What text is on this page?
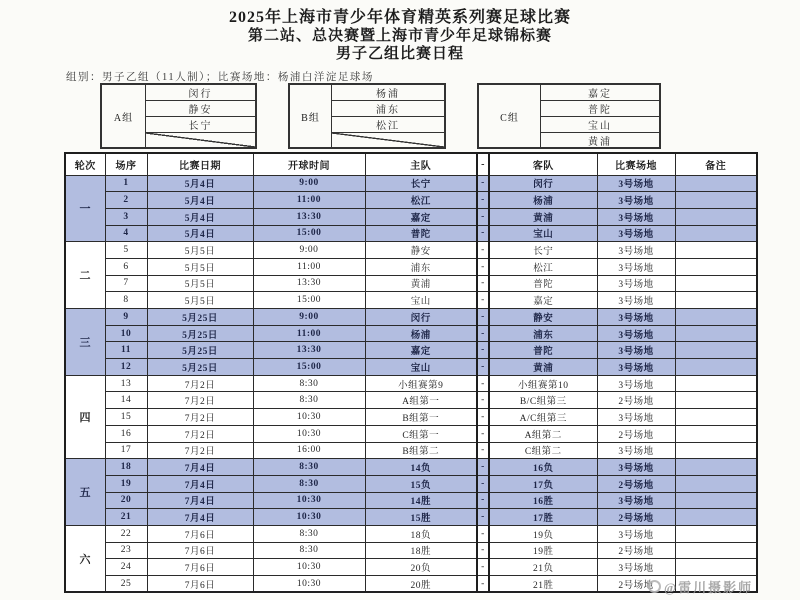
2025年上海市青少年体育精英系列赛足球比赛
第二站、总决赛暨上海市青少年足球锦标赛
男子乙组比赛日程
组别：男子乙组（11人制）；比赛场地：杨浦白洋淀足球场
A组
闵行
静安
长宁
B组
杨浦
浦东
松江
C组
嘉定
普陀
宝山
黄浦
轮次	场序	比赛日期	开球时间	主队	-	客队	比赛场地	备注
一	1	5月4日	9:00	长宁	-	闵行	3号场地	
	2	5月4日	11:00	松江	-	杨浦	3号场地	
	3	5月4日	13:30	嘉定	-	黄浦	3号场地	
	4	5月4日	15:00	普陀	-	宝山	3号场地	
二	5	5月5日	9:00	静安	-	长宁	3号场地	
	6	5月5日	11:00	浦东	-	松江	3号场地	
	7	5月5日	13:30	黄浦	-	普陀	3号场地	
	8	5月5日	15:00	宝山	-	嘉定	3号场地	
三	9	5月25日	9:00	闵行	-	静安	3号场地	
	10	5月25日	11:00	杨浦	-	浦东	3号场地	
	11	5月25日	13:30	嘉定	-	普陀	3号场地	
	12	5月25日	15:00	宝山	-	黄浦	3号场地	
四	13	7月2日	8:30	小组赛第9	-	小组赛第10	3号场地	
	14	7月2日	8:30	A组第一	-	B/C组第三	2号场地	
	15	7月2日	10:30	B组第一	-	A/C组第三	3号场地	
	16	7月2日	10:30	C组第一	-	A组第二	2号场地	
	17	7月2日	16:00	B组第二	-	C组第二	3号场地	
五	18	7月4日	8:30	14负	-	16负	3号场地	
	19	7月4日	8:30	15负	-	17负	2号场地	
	20	7月4日	10:30	14胜	-	16胜	3号场地	
	21	7月4日	10:30	15胜	-	17胜	2号场地	
六	22	7月6日	8:30	18负	-	19负	3号场地	
	23	7月6日	8:30	18胜	-	19胜	2号场地	
	24	7月6日	10:30	20负	-	21负	3号场地	
	25	7月6日	10:30	20胜	-	21胜	2号场地	@雷川摄影师
